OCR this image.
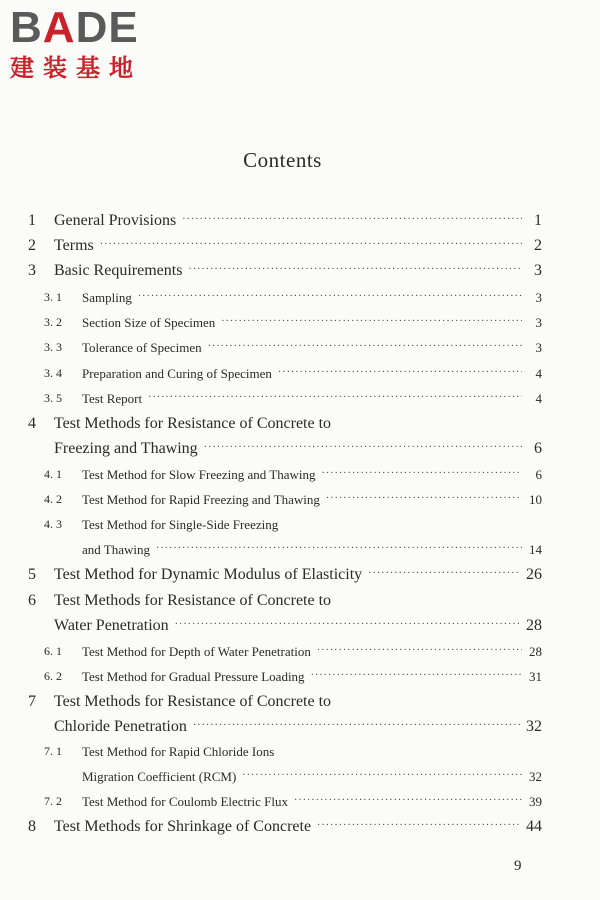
BADE
建装基地
Contents
1 General Provisions ·····	1
2 Terms ·····	2
3 Basic Requirements ·····	3
3. 1 Sampling ·····	3
3. 2 Section Size of Specimen ·····	3
3. 3 Tolerance of Specimen ·····	3
3. 4 Preparation and Curing of Specimen ·····	4
3. 5 Test Report ·····	4
4 Test Methods for Resistance of Concrete to
Freezing and Thawing ·····	6
4. 1 Test Method for Slow Freezing and Thawing ·····	6
4. 2 Test Method for Rapid Freezing and Thawing ·····	10
4. 3 Test Method for Single-Side Freezing
and Thawing ·····	14
5 Test Method for Dynamic Modulus of Elasticity ·····	26
6 Test Methods for Resistance of Concrete to
Water Penetration ·····	28
6. 1 Test Method for Depth of Water Penetration ·····	28
6. 2 Test Method for Gradual Pressure Loading ·····	31
7 Test Methods for Resistance of Concrete to
Chloride Penetration ·····	32
7. 1 Test Method for Rapid Chloride Ions
Migration Coefficient (RCM) ·····	32
7. 2 Test Method for Coulomb Electric Flux ·····	39
8 Test Methods for Shrinkage of Concrete ·····	44
9
